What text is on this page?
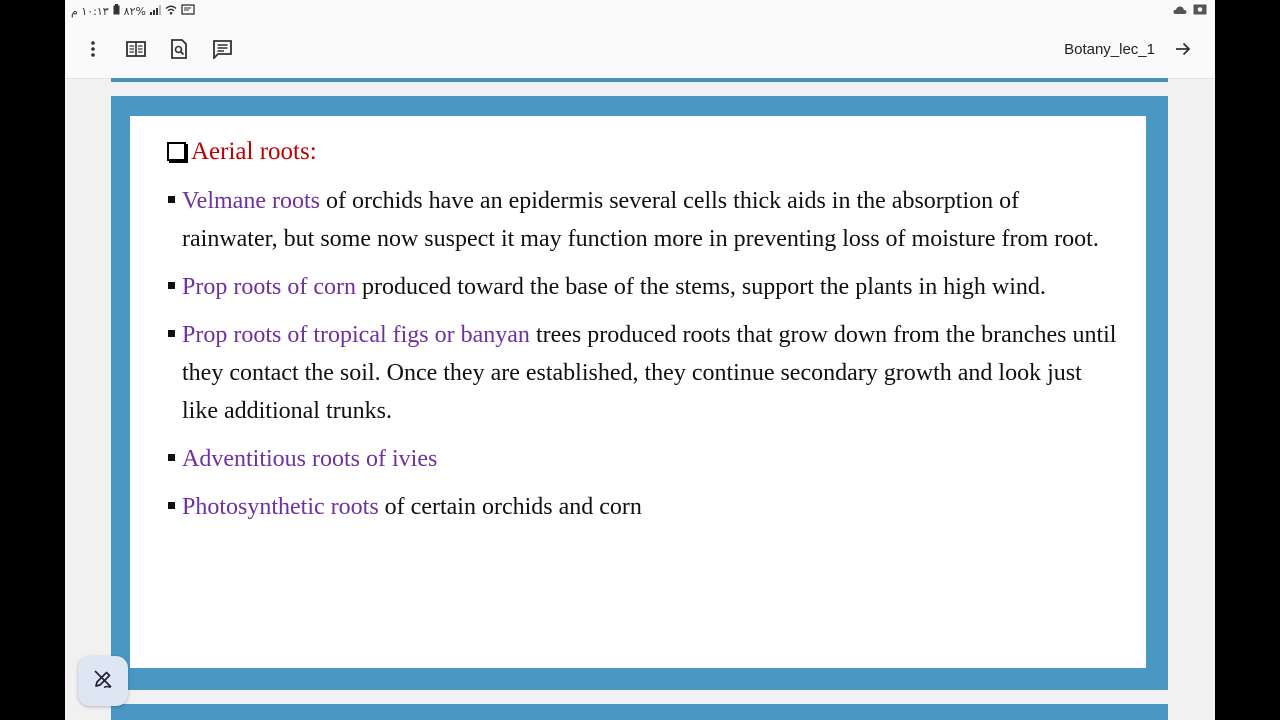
١٠:١٣ م ٨٢%
Botany_lec_1
Aerial roots:
Velmane roots of orchids have an epidermis several cells thick aids in the absorption of rainwater, but some now suspect it may function more in preventing loss of moisture from root.
Prop roots of corn produced toward the base of the stems, support the plants in high wind.
Prop roots of tropical figs or banyan trees produced roots that grow down from the branches until they contact the soil. Once they are established, they continue secondary growth and look just like additional trunks.
Adventitious roots of ivies
Photosynthetic roots of certain orchids and corn
